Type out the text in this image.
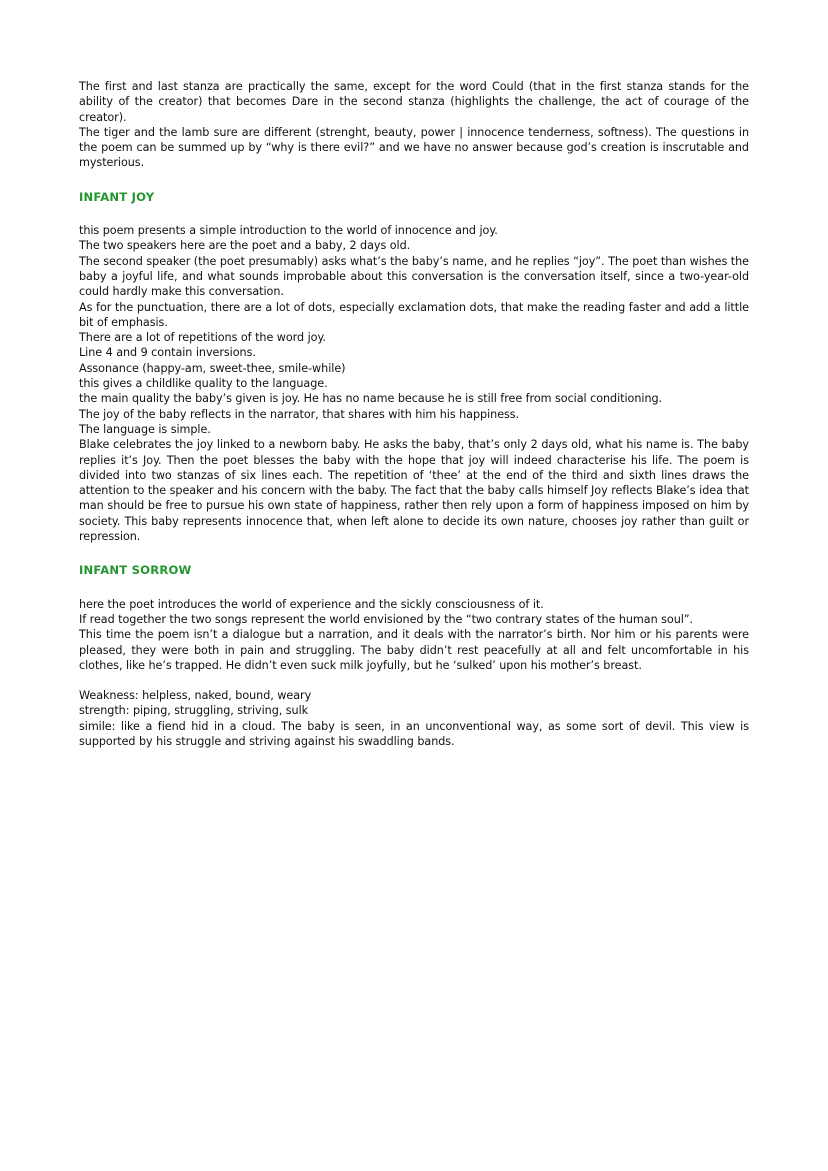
The first and last stanza are practically the same, except for the word Could (that in the first stanza stands for the ability of the creator) that becomes Dare in the second stanza (highlights the challenge, the act of courage of the creator).

The tiger and the lamb sure are different (strenght, beauty, power | innocence tenderness, softness). The questions in the poem can be summed up by “why is there evil?” and we have no answer because god’s creation is inscrutable and mysterious.

INFANT JOY

this poem presents a simple introduction to the world of innocence and joy.

The two speakers here are the poet and a baby, 2 days old.

The second speaker (the poet presumably) asks what’s the baby’s name, and he replies “joy”. The poet than wishes the baby a joyful life, and what sounds improbable about this conversation is the conversation itself, since a two-year-old could hardly make this conversation.

As for the punctuation, there are a lot of dots, especially exclamation dots, that make the reading faster and add a little bit of emphasis.

There are a lot of repetitions of the word joy.

Line 4 and 9 contain inversions.

Assonance (happy-am, sweet-thee, smile-while)

this gives a childlike quality to the language.

the main quality the baby’s given is joy. He has no name because he is still free from social conditioning.

The joy of the baby reflects in the narrator, that shares with him his happiness.

The language is simple.

Blake celebrates the joy linked to a newborn baby. He asks the baby, that’s only 2 days old, what his name is. The baby replies it’s Joy. Then the poet blesses the baby with the hope that joy will indeed characterise his life. The poem is divided into two stanzas of six lines each. The repetition of ‘thee’ at the end of the third and sixth lines draws the attention to the speaker and his concern with the baby. The fact that the baby calls himself Joy reflects Blake’s idea that man should be free to pursue his own state of happiness, rather then rely upon a form of happiness imposed on him by society. This baby represents innocence that, when left alone to decide its own nature, chooses joy rather than guilt or repression.

INFANT SORROW

here the poet introduces the world of experience and the sickly consciousness of it.

If read together the two songs represent the world envisioned by the “two contrary states of the human soul”.

This time the poem isn’t a dialogue but a narration, and it deals with the narrator’s birth. Nor him or his parents were pleased, they were both in pain and struggling. The baby didn’t rest peacefully at all and felt uncomfortable in his clothes, like he’s trapped. He didn’t even suck milk joyfully, but he ‘sulked’ upon his mother’s breast.

Weakness: helpless, naked, bound, weary

strength: piping, struggling, striving, sulk

simile: like a fiend hid in a cloud. The baby is seen, in an unconventional way, as some sort of devil. This view is supported by his struggle and striving against his swaddling bands.
